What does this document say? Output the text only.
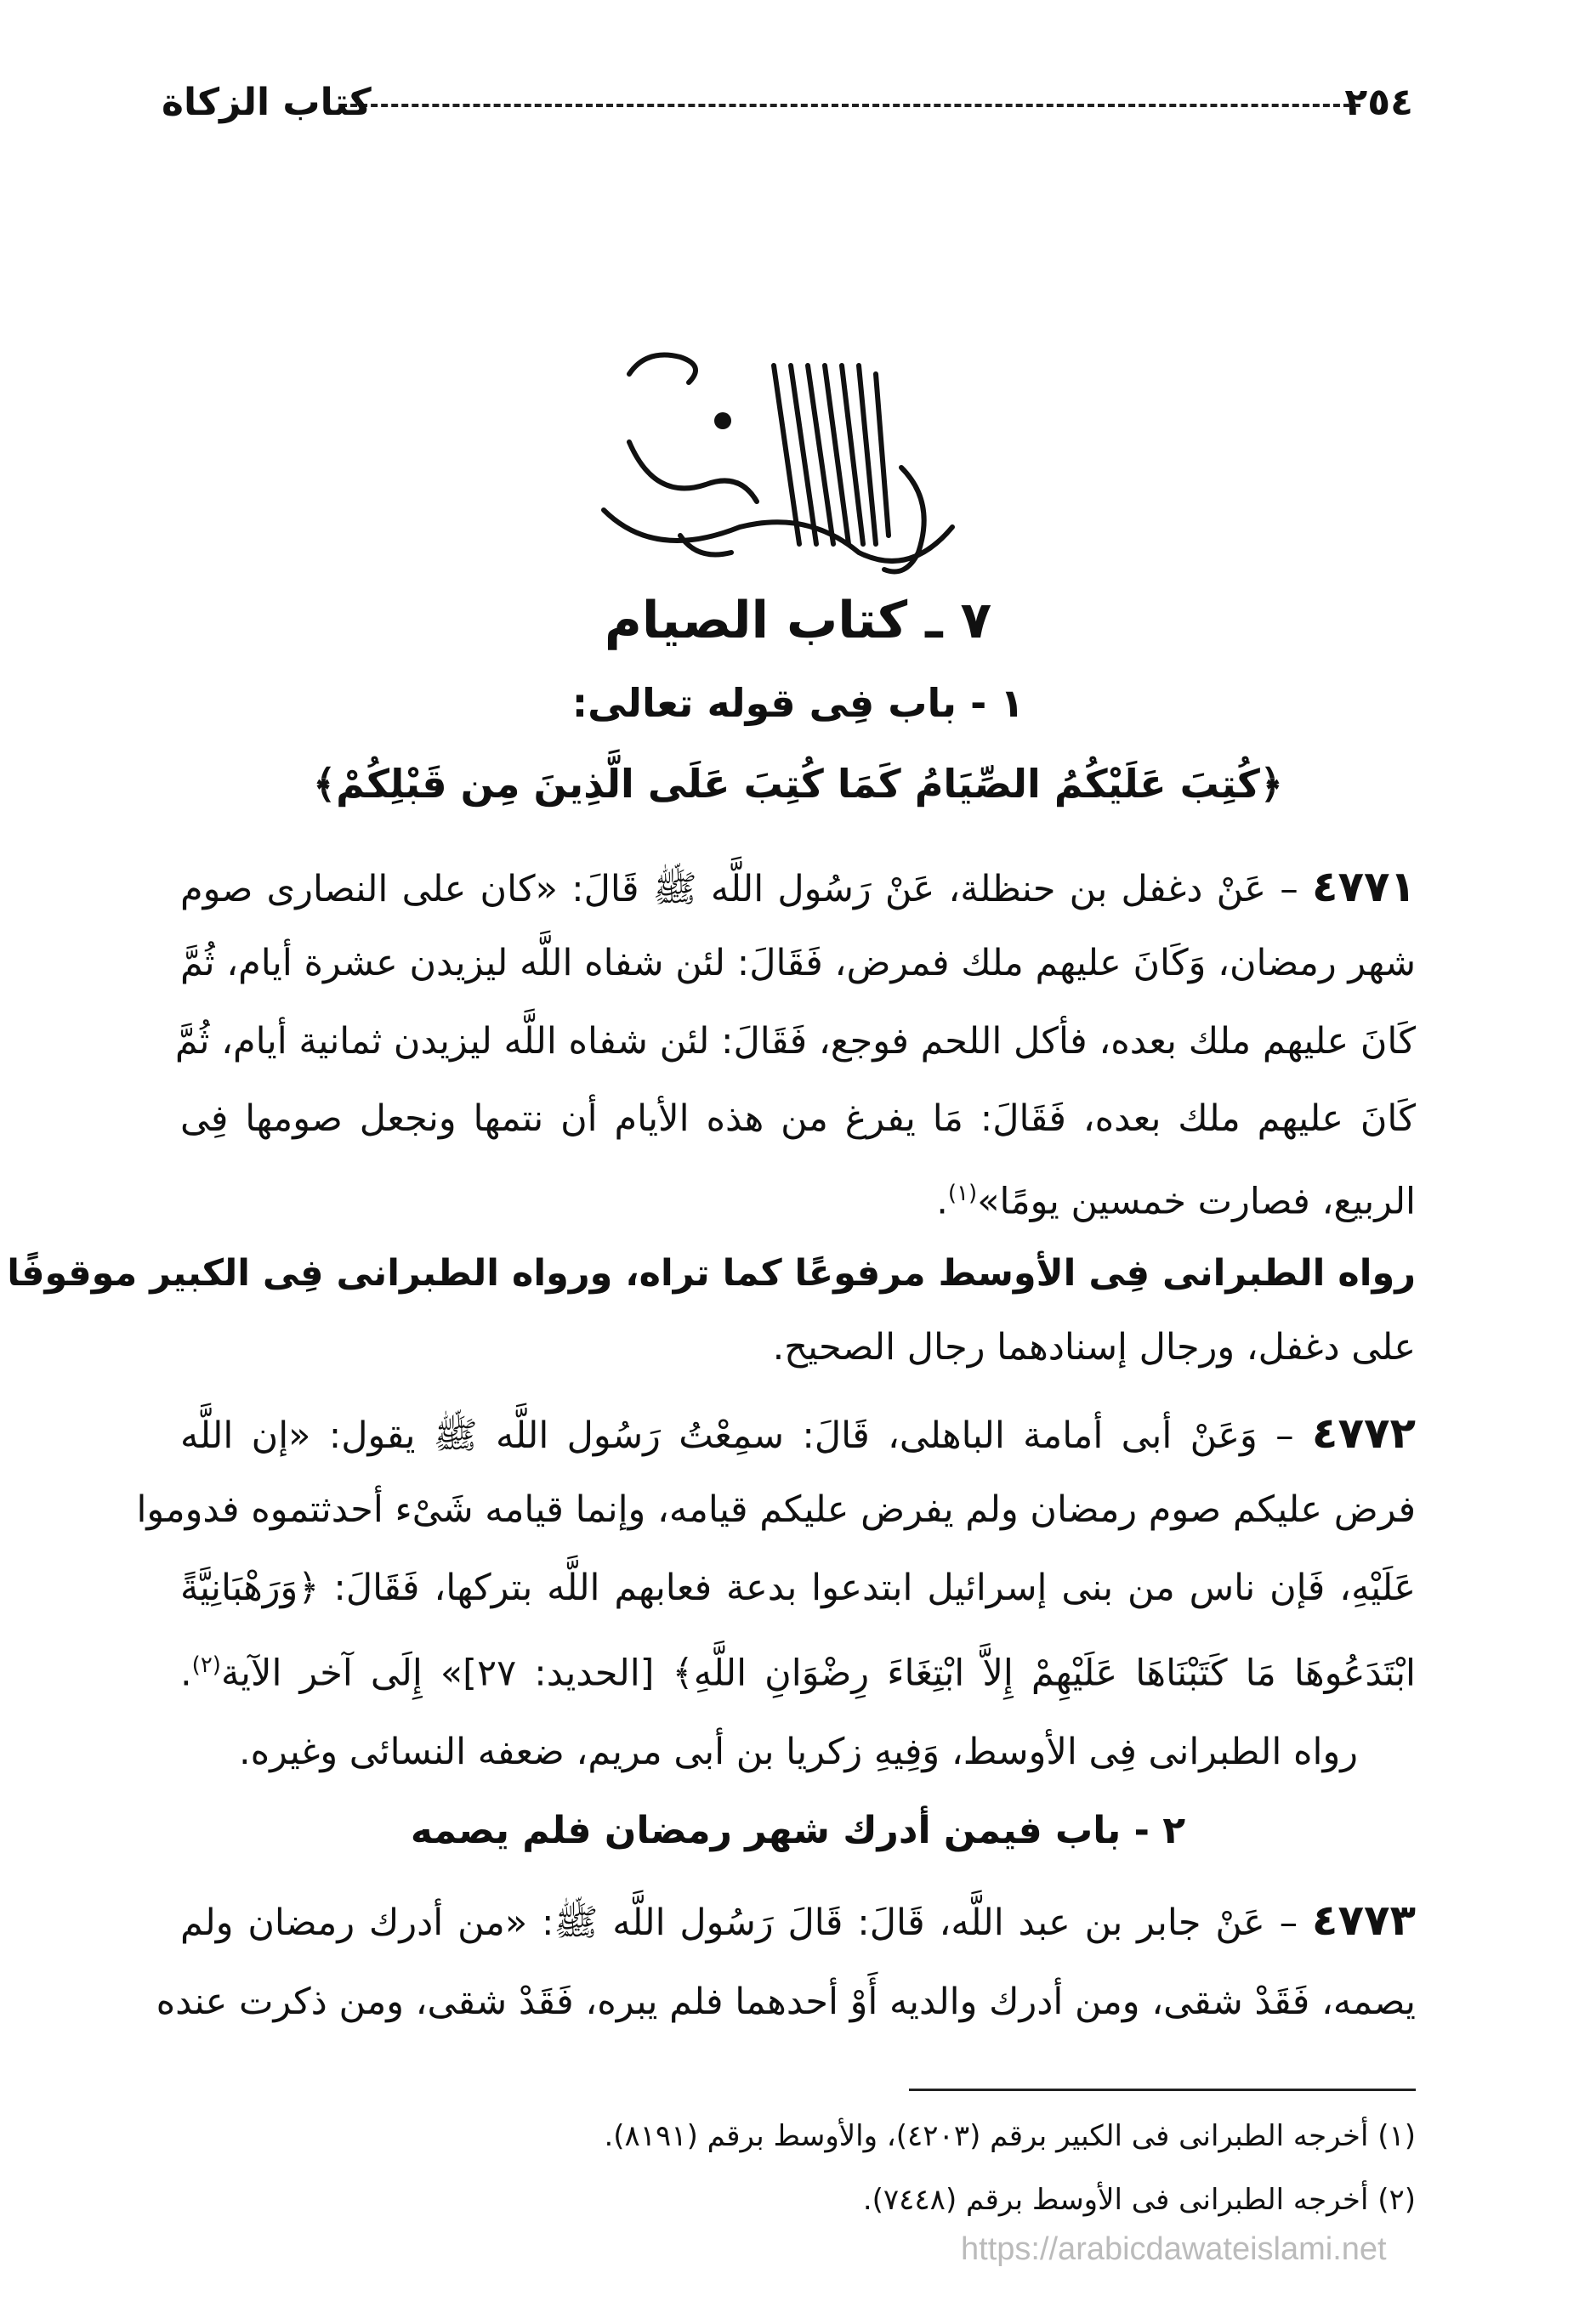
٢٥٤
كتاب الزكاة
٧ ـ كتاب الصيام
١ - باب فِى قوله تعالى:
﴿كُتِبَ عَلَيْكُمُ الصِّيَامُ كَمَا كُتِبَ عَلَى الَّذِينَ مِن قَبْلِكُمْ﴾
٤٧٧١ – عَنْ دغفل بن حنظلة، عَنْ رَسُول اللَّه ﷺ قَالَ: «كان على النصارى صوم
شهر رمضان، وَكَانَ عليهم ملك فمرض، فَقَالَ: لئن شفاه اللَّه ليزيدن عشرة أيام، ثُمَّ
كَانَ عليهم ملك بعده، فأكل اللحم فوجع، فَقَالَ: لئن شفاه اللَّه ليزيدن ثمانية أيام، ثُمَّ
كَانَ عليهم ملك بعده، فَقَالَ: مَا يفرغ من هذه الأيام أن نتمها ونجعل صومها فِى
الربيع، فصارت خمسين يومًا»$^{(١)}$.
رواه الطبرانى فِى الأوسط مرفوعًا كما تراه، ورواه الطبرانى فِى الكبير موقوفًا
على دغفل، ورجال إسنادهما رجال الصحيح.
٤٧٧٢ – وَعَنْ أبى أمامة الباهلى، قَالَ: سمِعْتُ رَسُول اللَّه ﷺ يقول: «إن اللَّه
فرض عليكم صوم رمضان ولم يفرض عليكم قيامه، وإنما قيامه شَىْء أحدثتموه فدوموا
عَلَيْهِ، فَإن ناس من بنى إسرائيل ابتدعوا بدعة فعابهم اللَّه بتركها، فَقَالَ: ﴿وَرَهْبَانِيَّةً
ابْتَدَعُوهَا مَا كَتَبْنَاهَا عَلَيْهِمْ إِلاَّ ابْتِغَاءَ رِضْوَانِ اللَّهِ﴾ [الحديد: ٢٧]» إِلَى آخر الآية$^{(٢)}$.
رواه الطبرانى فِى الأوسط، وَفِيهِ زكريا بن أبى مريم، ضعفه النسائى وغيره.
٢ - باب فيمن أدرك شهر رمضان فلم يصمه
٤٧٧٣ – عَنْ جابر بن عبد اللَّه، قَالَ: قَالَ رَسُول اللَّه ﷺ: «من أدرك رمضان ولم
يصمه، فَقَدْ شقى، ومن أدرك والديه أَوْ أحدهما فلم يبره، فَقَدْ شقى، ومن ذكرت عنده
(١) أخرجه الطبرانى فى الكبير برقم (٤٢٠٣)، والأوسط برقم (٨١٩١).
(٢) أخرجه الطبرانى فى الأوسط برقم (٧٤٤٨).
https://arabicdawateislami.net
